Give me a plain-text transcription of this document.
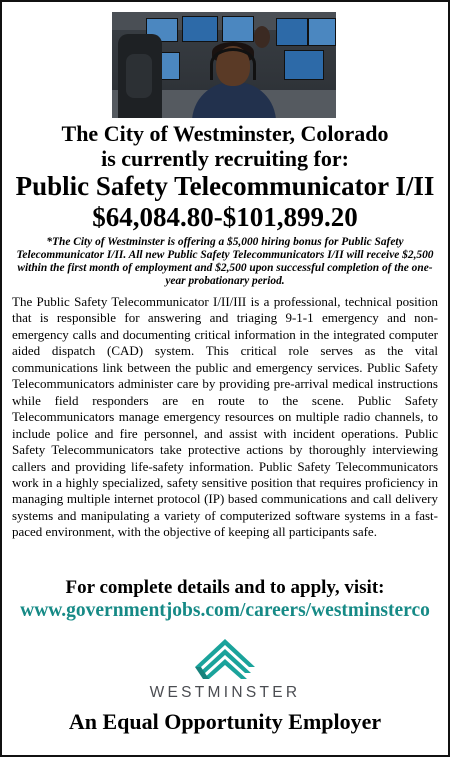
The City of Westminster, Colorado
is currently recruiting for:
Public Safety Telecommunicator I/II
$64,084.80-$101,899.20
*The City of Westminster is offering a $5,000 hiring bonus for Public Safety Telecommunicator I/II. All new Public Safety Telecommunicators I/II will receive $2,500 within the first month of employment and $2,500 upon successful completion of the one-year probationary period.
The Public Safety Telecommunicator I/II/III is a professional, technical position that is responsible for answering and triaging 9-1-1 emergency and non-emergency calls and documenting critical information in the integrated computer aided dispatch (CAD) system. This critical role serves as the vital communications link between the public and emergency services. Public Safety Telecommunicators administer care by providing pre-arrival medical instructions while field responders are en route to the scene. Public Safety Telecommunicators manage emergency resources on multiple radio channels, to include police and fire personnel, and assist with incident operations. Public Safety Telecommunicators take protective actions by thoroughly interviewing callers and providing life-safety information. Public Safety Telecommunicators work in a highly specialized, safety sensitive position that requires proficiency in managing multiple internet protocol (IP) based communications and call delivery systems and manipulating a variety of computerized software systems in a fast-paced environment, with the objective of keeping all participants safe.
For complete details and to apply, visit:
www.governmentjobs.com/careers/westminsterco
WESTMINSTER
An Equal Opportunity Employer
